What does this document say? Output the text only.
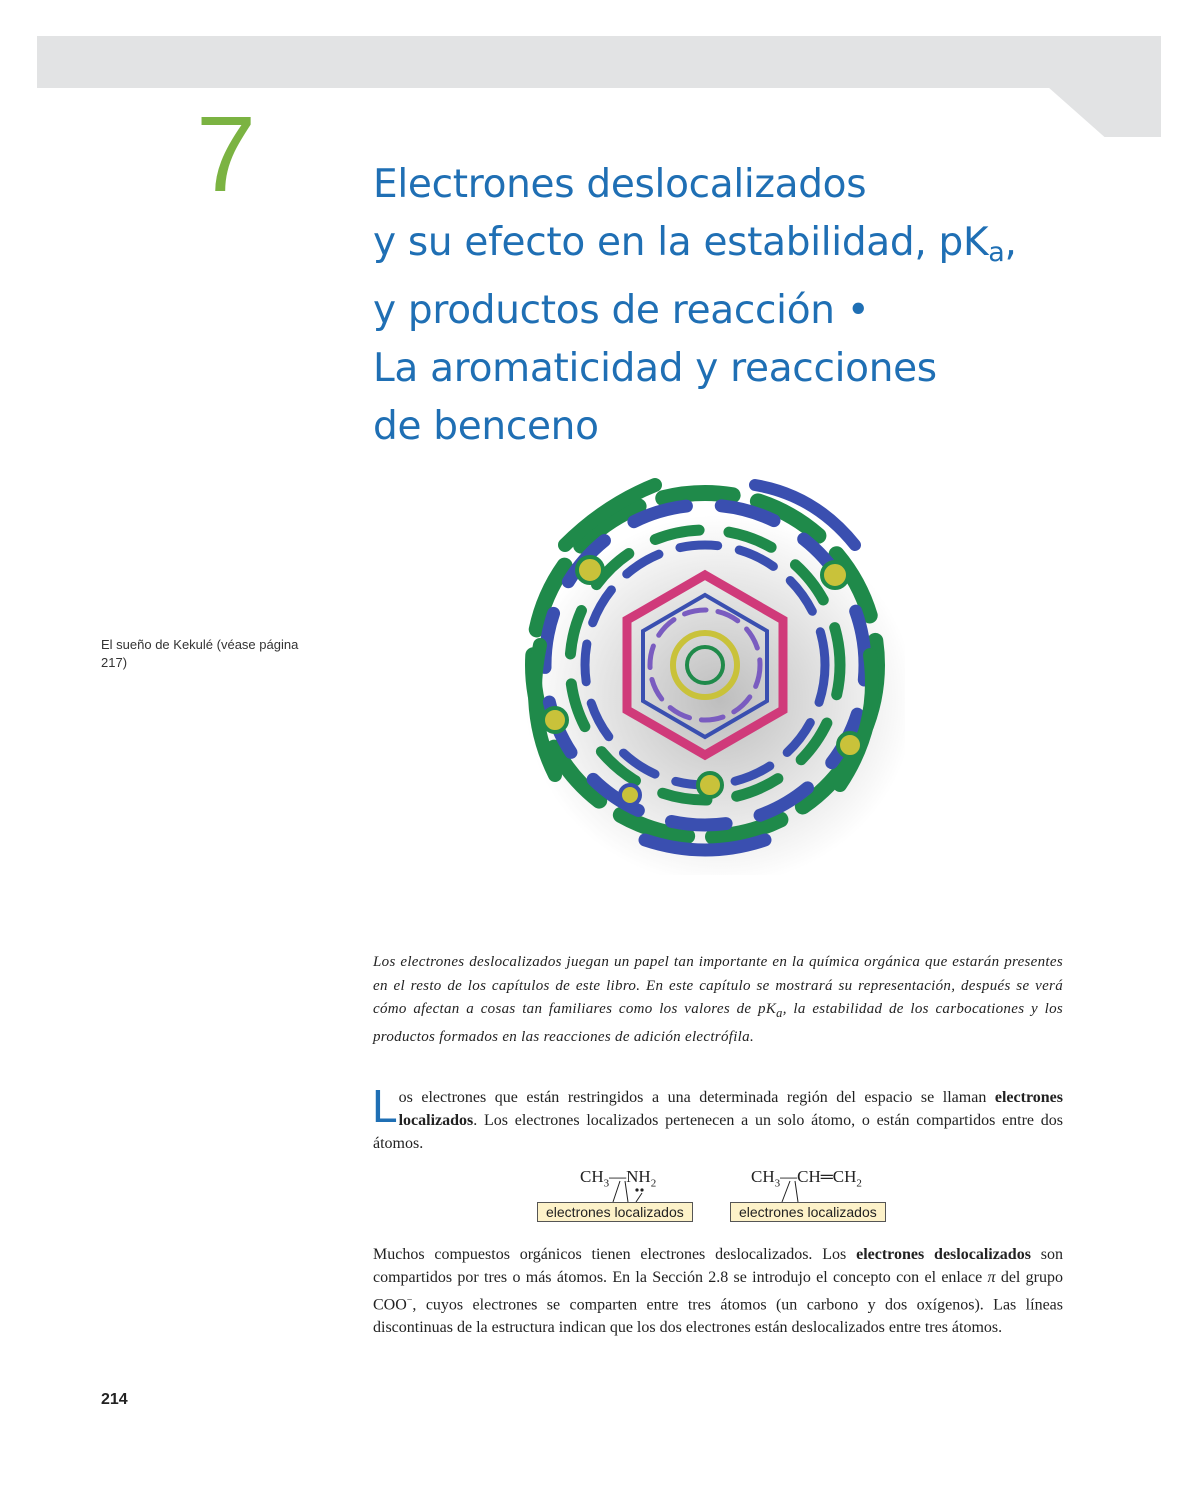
7	Electrones deslocalizados
y su efecto en la estabilidad, $pK_a$,
y productos de reacción •
La aromaticidad y reacciones
de benceno
El sueño de Kekulé (véase página 217)
Los electrones deslocalizados juegan un papel tan importante en la química orgánica que estarán presentes en el resto de los capítulos de este libro. En este capítulo se mostrará su representación, después se verá cómo afectan a cosas tan familiares como los valores de $pK_a$, la estabilidad de los carbocationes y los productos formados en las reacciones de adición electrófila.
Los electrones que están restringidos a una determinada región del espacio se llaman electrones localizados. Los electrones localizados pertenecen a un solo átomo, o están compartidos entre dos átomos.
$CH_3—NH_2$	$CH_3—CH═CH_2$
electrones localizados	electrones localizados
Muchos compuestos orgánicos tienen electrones deslocalizados. Los electrones deslocalizados son compartidos por tres o más átomos. En la Sección 2.8 se introdujo el concepto con el enlace π del grupo COO−, cuyos electrones se comparten entre tres átomos (un carbono y dos oxígenos). Las líneas discontinuas de la estructura indican que los dos electrones están deslocalizados entre tres átomos.
214
